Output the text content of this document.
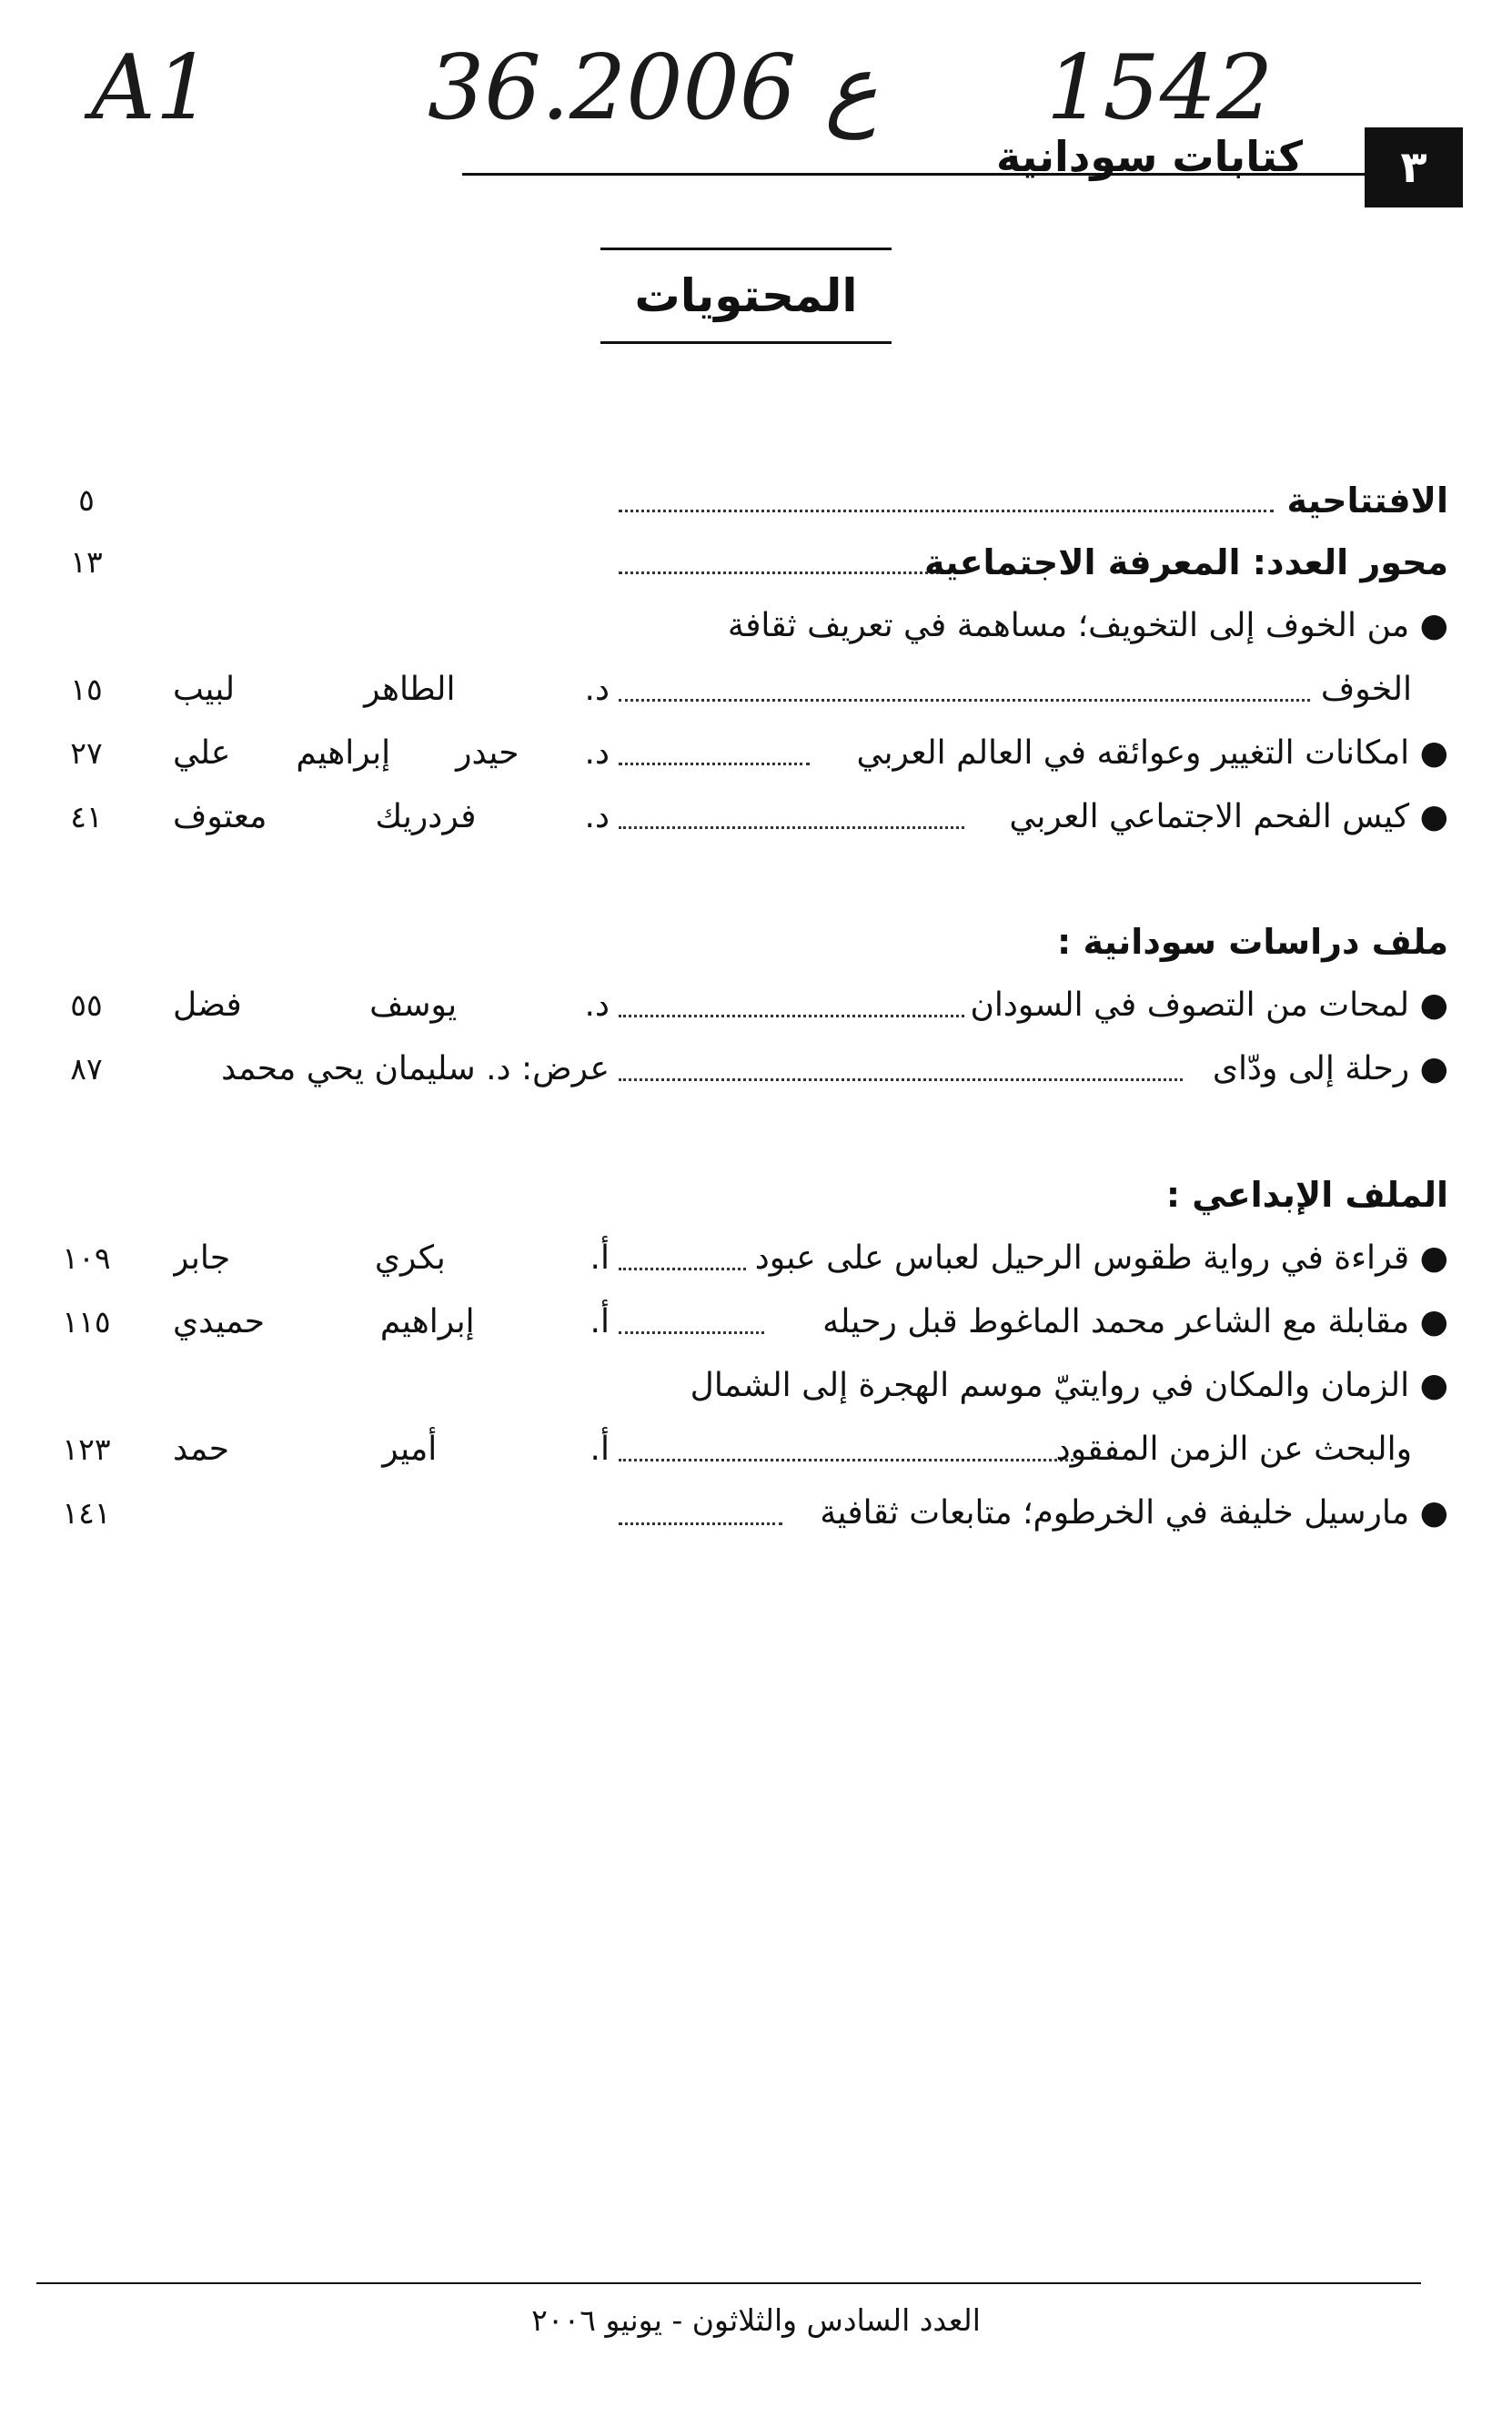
A1 36.ع 2006 1542
كتابات سودانية ٣
المحتويات
٥	الافتتاحية
١٣	محور العدد: المعرفة الاجتماعية
● من الخوف إلى التخويف؛ مساهمة في تعريف ثقافة
١٥	د. الطاهر لبيب	الخوف
٢٧	د. حيدر إبراهيم علي	● امكانات التغيير وعوائقه في العالم العربي
٤١	د. فردريك معتوف	● كيس الفحم الاجتماعي العربي
ملف دراسات سودانية :
٥٥	د. يوسف فضل	● لمحات من التصوف في السودان
٨٧	عرض: د. سليمان يحي محمد	● رحلة إلى ودّاى
الملف الإبداعي :
١٠٩	أ. بكري جابر	● قراءة في رواية طقوس الرحيل لعباس على عبود
١١٥	أ. إبراهيم حميدي	● مقابلة مع الشاعر محمد الماغوط قبل رحيله
● الزمان والمكان في روايتيّ موسم الهجرة إلى الشمال
١٢٣	أ. أمير حمد	والبحث عن الزمن المفقود
١٤١	● مارسيل خليفة في الخرطوم؛ متابعات ثقافية
العدد السادس والثلاثون - يونيو ٢٠٠٦
